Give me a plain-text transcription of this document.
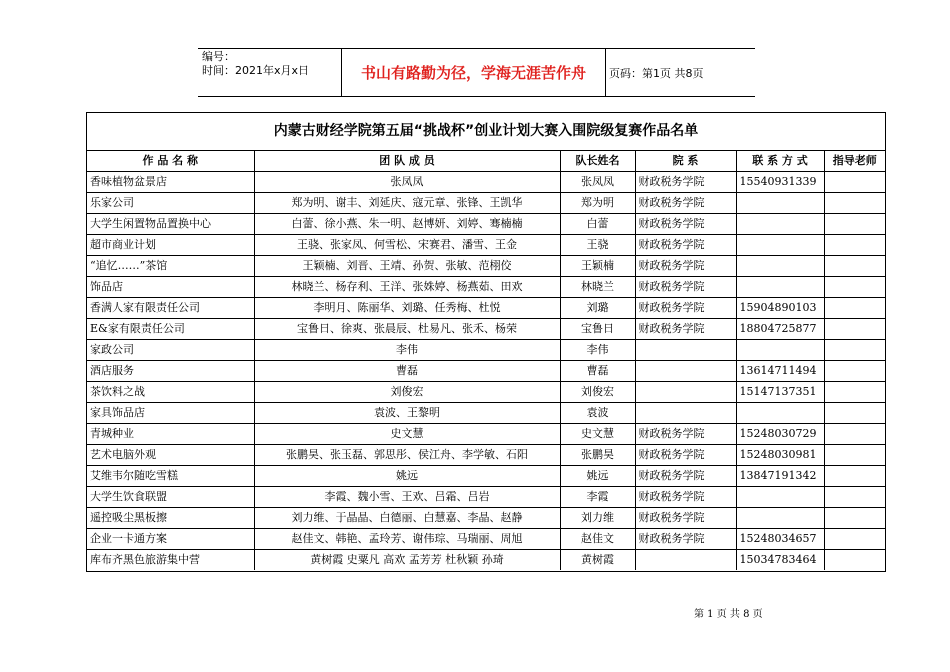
编号：
时间：2021年x月x日	书山有路勤为径，学海无涯苦作舟	页码：第1页 共8页
内蒙古财经学院第五届“挑战杯”创业计划大赛入围院级复赛作品名单
作 品 名 称	团 队 成 员	队长姓名	院 系	联 系 方 式	指导老师
香味植物盆景店	张凤凤	张凤凤	财政税务学院	15540931339	
乐家公司	郑为明、谢丰、刘延庆、寇元章、张锋、王凯华	郑为明	财政税务学院		
大学生闲置物品置换中心	白蕾、徐小燕、朱一明、赵博妍、刘婷、骞楠楠	白蕾	财政税务学院		
超市商业计划	王骁、张家凤、何雪松、宋赛君、潘雪、王金	王骁	财政税务学院		
“追忆……”茶馆	王颖楠、刘晋、王靖、孙贺、张敏、范栩佼	王颖楠	财政税务学院		
饰品店	林晓兰、杨存利、王洋、张姝婷、杨燕茹、田欢	林晓兰	财政税务学院		
香满人家有限责任公司	李明月、陈丽华、刘璐、任秀梅、杜悦	刘璐	财政税务学院	15904890103	
E&家有限责任公司	宝鲁日、徐爽、张晨辰、杜易凡、张禾、杨荣	宝鲁日	财政税务学院	18804725877	
家政公司	李伟	李伟			
酒店服务	曹磊	曹磊		13614711494	
茶饮料之战	刘俊宏	刘俊宏		15147137351	
家具饰品店	袁波、王黎明	袁波			
青城种业	史文慧	史文慧	财政税务学院	15248030729	
艺术电脑外观	张鹏昊、张玉磊、郭思彤、侯江舟、李学敏、石阳	张鹏昊	财政税务学院	15248030981	
艾维韦尔随吃雪糕	姚远	姚远	财政税务学院	13847191342	
大学生饮食联盟	李霞、魏小雪、王欢、吕霜、吕岩	李霞	财政税务学院		
遥控吸尘黑板擦	刘力维、于晶晶、白德丽、白慧嘉、李晶、赵静	刘力维	财政税务学院		
企业一卡通方案	赵佳文、韩艳、孟玲芳、谢伟琮、马瑞丽、周旭	赵佳文	财政税务学院	15248034657	
库布齐黑色旅游集中营	黄树霞 史粟凡 高欢 孟芳芳 杜秋颖 孙琦	黄树霞		15034783464	
第 1 页 共 8 页
